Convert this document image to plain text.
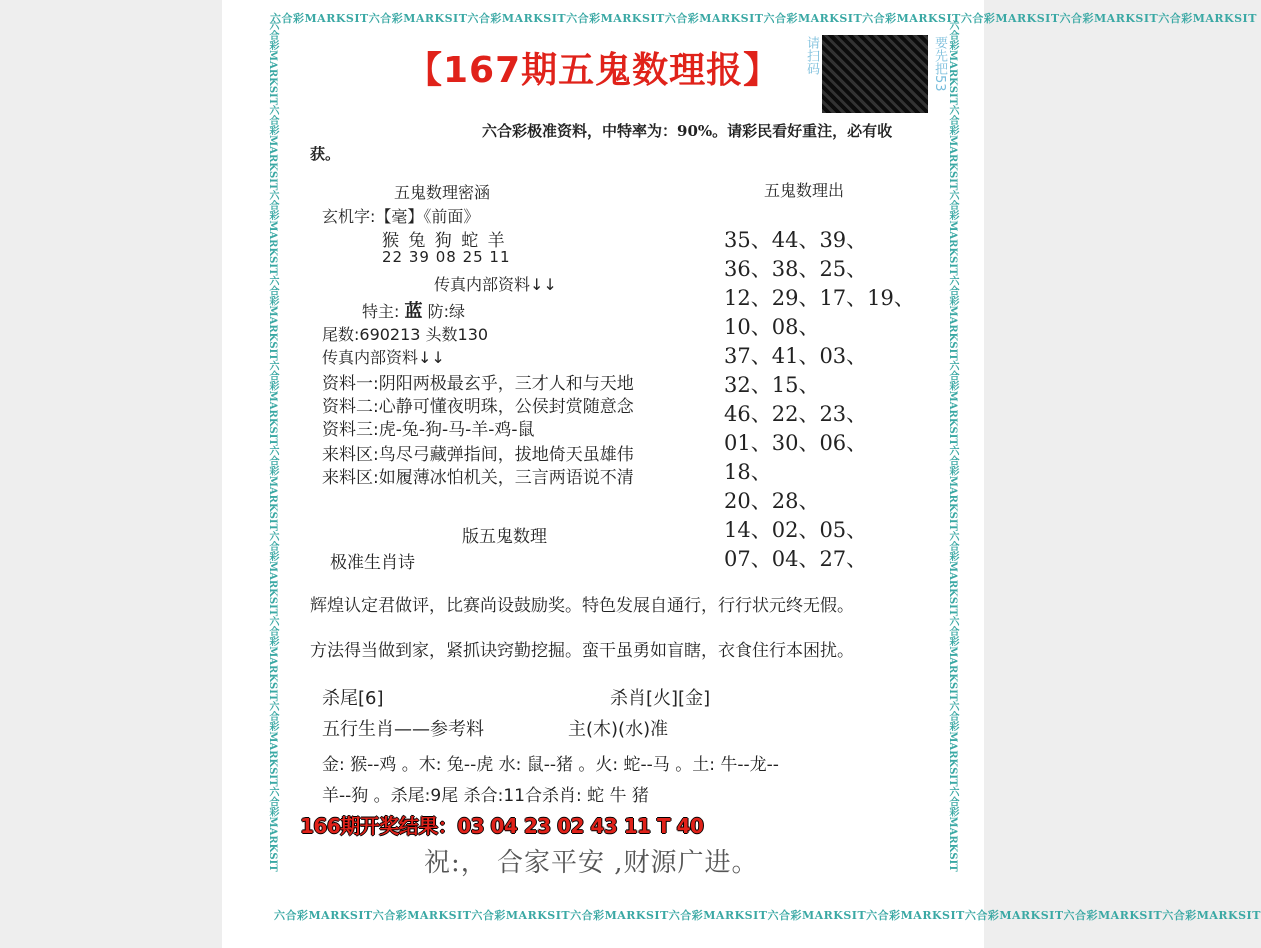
六合彩MARKSIT六合彩MARKSIT六合彩MARKSIT六合彩MARKSIT六合彩MARKSIT六合彩MARKSIT六合彩MARKSIT六合彩MARKSIT六合彩MARKSIT六合彩MARKSIT
六合彩MARKSIT六合彩MARKSIT六合彩MARKSIT六合彩MARKSIT六合彩MARKSIT六合彩MARKSIT六合彩MARKSIT六合彩MARKSIT六合彩MARKSIT六合彩MARKSIT
六合彩MARKSIT六合彩MARKSIT六合彩MARKSIT六合彩MARKSIT六合彩MARKSIT六合彩MARKSIT六合彩MARKSIT六合彩MARKSIT六合彩MARKSIT六合彩MARKSIT	六合彩MARKSIT六合彩MARKSIT六合彩MARKSIT六合彩MARKSIT六合彩MARKSIT六合彩MARKSIT六合彩MARKSIT六合彩MARKSIT六合彩MARKSIT六合彩MARKSIT
【167期五鬼数理报】 请扫码	要先把53
六合彩极准资料，中特率为：90%。请彩民看好重注，必有收
获。
五鬼数理密涵	五鬼数理出
玄机字:【毫】《前面》
猴 兔 狗 蛇 羊
22 39 08 25 11
传真内部资料↓↓
特主: 蓝 防:绿
尾数:690213 头数130
传真内部资料↓↓
资料一:阴阳两极最玄乎，三才人和与天地
资料二:心静可懂夜明珠，公侯封赏随意念
资料三:虎-兔-狗-马-羊-鸡-鼠
来料区:鸟尽弓藏弹指间，拔地倚天虽雄伟
来料区:如履薄冰怕机关，三言两语说不清
35、44、39、
36、38、25、
12、29、17、19、
10、08、
37、41、03、
32、15、
46、22、23、
01、30、06、
18、
20、28、
14、02、05、
07、04、27、
版五鬼数理
极准生肖诗
辉煌认定君做评，比赛尚设鼓励奖。特色发展自通行，行行状元终无假。
方法得当做到家，紧抓诀窍勤挖掘。蛮干虽勇如盲瞎，衣食住行本困扰。
杀尾[6]	杀肖[火][金]
五行生肖——参考料	主(木)(水)准
金: 猴--鸡 。木: 兔--虎 水: 鼠--猪 。火: 蛇--马 。土: 牛--龙--
羊--狗 。杀尾:9尾 杀合:11合杀肖: 蛇 牛 猪
166期开奖结果：03 04 23 02 43 11 T 40
祝:， 合家平安 ,财源广进。
